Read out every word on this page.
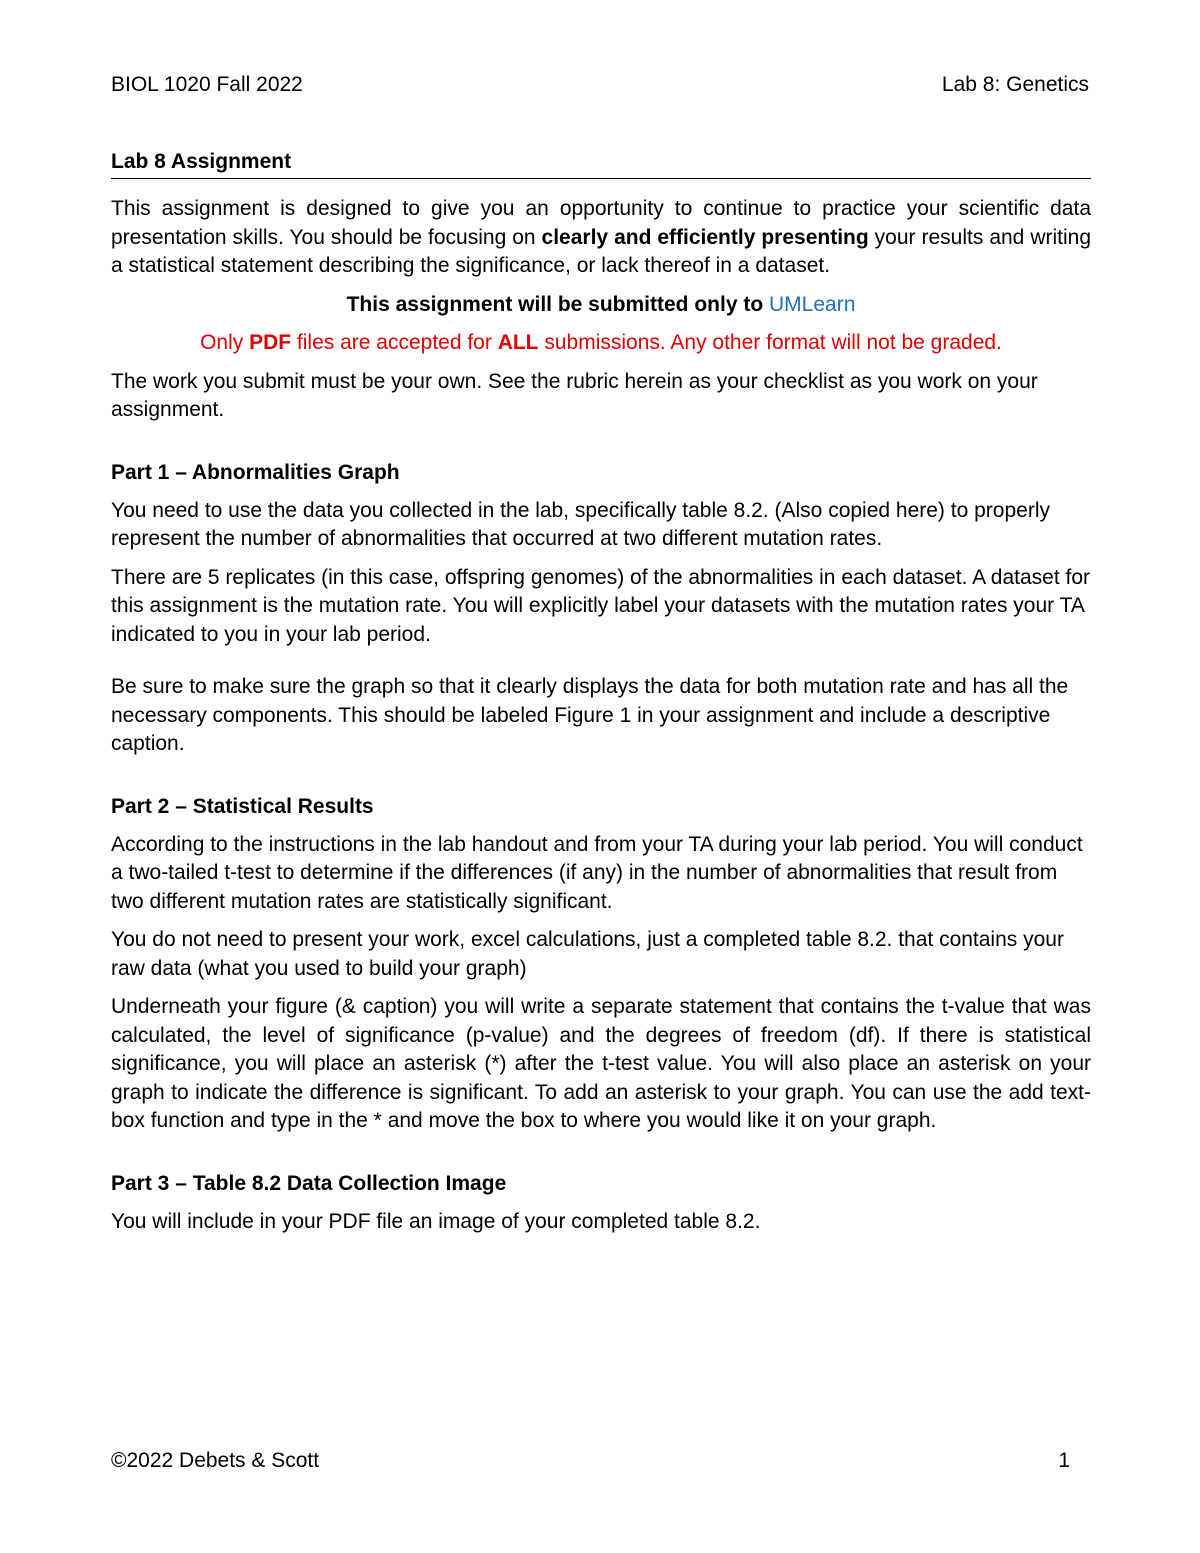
BIOL 1020 Fall 2022	Lab 8: Genetics
Lab 8 Assignment

This assignment is designed to give you an opportunity to continue to practice your scientific data presentation skills. You should be focusing on clearly and efficiently presenting your results and writing a statistical statement describing the significance, or lack thereof in a dataset.

This assignment will be submitted only to UMLearn

Only PDF files are accepted for ALL submissions. Any other format will not be graded.

The work you submit must be your own. See the rubric herein as your checklist as you work on your assignment.

Part 1 – Abnormalities Graph

You need to use the data you collected in the lab, specifically table 8.2. (Also copied here) to properly represent the number of abnormalities that occurred at two different mutation rates.

There are 5 replicates (in this case, offspring genomes) of the abnormalities in each dataset. A dataset for this assignment is the mutation rate. You will explicitly label your datasets with the mutation rates your TA indicated to you in your lab period.

Be sure to make sure the graph so that it clearly displays the data for both mutation rate and has all the necessary components. This should be labeled Figure 1 in your assignment and include a descriptive caption.

Part 2 – Statistical Results

According to the instructions in the lab handout and from your TA during your lab period. You will conduct a two-tailed t-test to determine if the differences (if any) in the number of abnormalities that result from two different mutation rates are statistically significant.

You do not need to present your work, excel calculations, just a completed table 8.2. that contains your raw data (what you used to build your graph)

Underneath your figure (& caption) you will write a separate statement that contains the t-value that was calculated, the level of significance (p-value) and the degrees of freedom (df). If there is statistical significance, you will place an asterisk (*) after the t-test value. You will also place an asterisk on your graph to indicate the difference is significant. To add an asterisk to your graph. You can use the add text-box function and type in the * and move the box to where you would like it on your graph.

Part 3 – Table 8.2 Data Collection Image

You will include in your PDF file an image of your completed table 8.2.

©2022 Debets & Scott	1
